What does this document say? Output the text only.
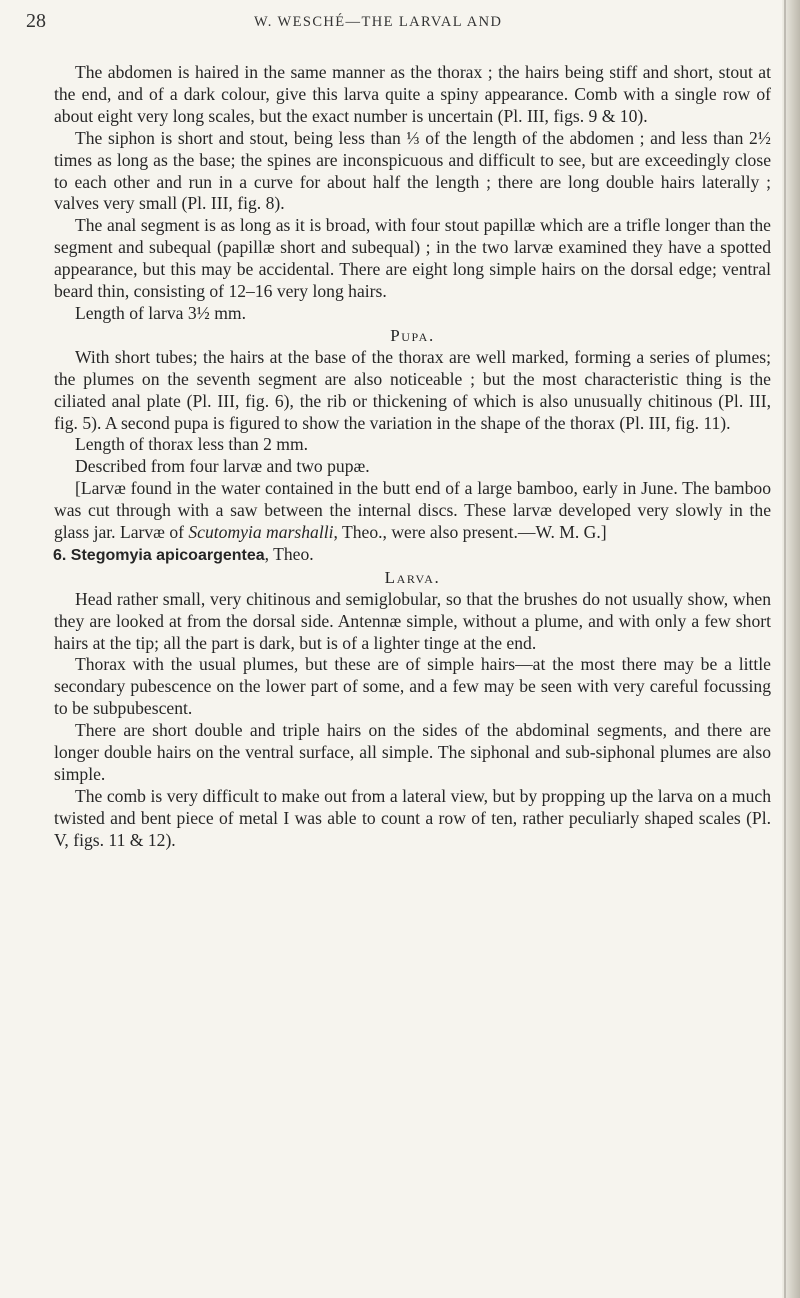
28	W. WESCHÉ—THE LARVAL AND

The abdomen is haired in the same manner as the thorax ; the hairs being stiff and short, stout at the end, and of a dark colour, give this larva quite a spiny appearance. Comb with a single row of about eight very long scales, but the exact number is uncertain (Pl. III, figs. 9 & 10).

The siphon is short and stout, being less than ⅓ of the length of the abdomen ; and less than 2½ times as long as the base; the spines are inconspicuous and difficult to see, but are exceedingly close to each other and run in a curve for about half the length ; there are long double hairs laterally ; valves very small (Pl. III, fig. 8).

The anal segment is as long as it is broad, with four stout papillæ which are a trifle longer than the segment and subequal (papillæ short and subequal) ; in the two larvæ examined they have a spotted appearance, but this may be accidental. There are eight long simple hairs on the dorsal edge; ventral beard thin, consisting of 12–16 very long hairs.

Length of larva 3½ mm.

Pupa.

With short tubes; the hairs at the base of the thorax are well marked, forming a series of plumes; the plumes on the seventh segment are also noticeable ; but the most characteristic thing is the ciliated anal plate (Pl. III, fig. 6), the rib or thickening of which is also unusually chitinous (Pl. III, fig. 5). A second pupa is figured to show the variation in the shape of the thorax (Pl. III, fig. 11).

Length of thorax less than 2 mm.

Described from four larvæ and two pupæ.

[Larvæ found in the water contained in the butt end of a large bamboo, early in June. The bamboo was cut through with a saw between the internal discs. These larvæ developed very slowly in the glass jar. Larvæ of Scutomyia marshalli, Theo., were also present.—W. M. G.]

6. Stegomyia apicoargentea, Theo.

Larva.

Head rather small, very chitinous and semiglobular, so that the brushes do not usually show, when they are looked at from the dorsal side. Antennæ simple, without a plume, and with only a few short hairs at the tip; all the part is dark, but is of a lighter tinge at the end.

Thorax with the usual plumes, but these are of simple hairs—at the most there may be a little secondary pubescence on the lower part of some, and a few may be seen with very careful focussing to be subpubescent.

There are short double and triple hairs on the sides of the abdominal segments, and there are longer double hairs on the ventral surface, all simple. The siphonal and sub-siphonal plumes are also simple.

The comb is very difficult to make out from a lateral view, but by propping up the larva on a much twisted and bent piece of metal I was able to count a row of ten, rather peculiarly shaped scales (Pl. V, figs. 11 & 12).
